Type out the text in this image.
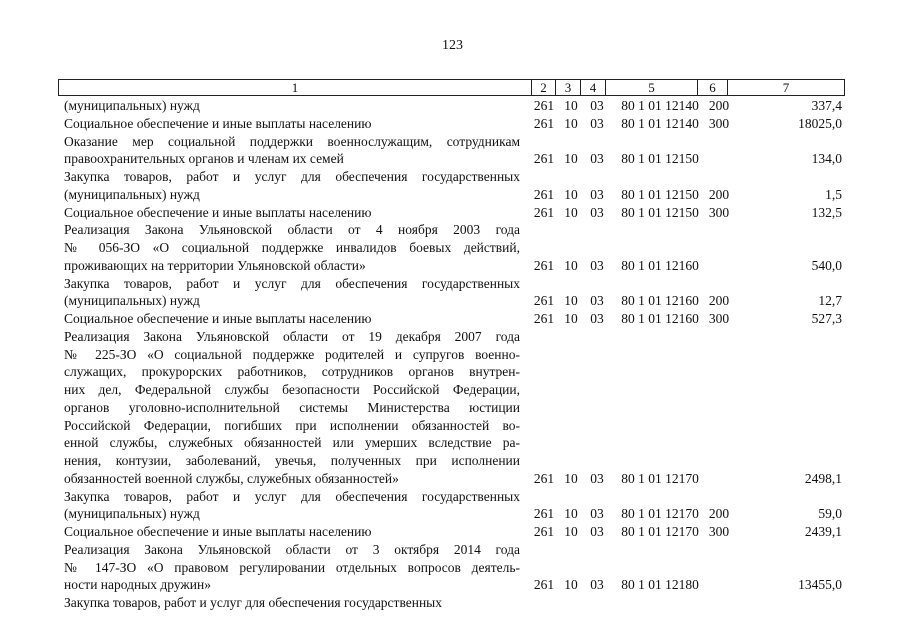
123
1	2	3	4	5	6	7
(муниципальных) нужд	261 10 03	80 1 01 12140 200	337,4
Социальное обеспечение и иные выплаты населению	261 10 03	80 1 01 12140 300	18025,0
Оказание мер социальной поддержки военнослужащим, сотрудникам
правоохранительных органов и членам их семей	261 10 03	80 1 01 12150	134,0
Закупка товаров, работ и услуг для обеспечения государственных
(муниципальных) нужд	261 10 03	80 1 01 12150 200	1,5
Социальное обеспечение и иные выплаты населению	261 10 03	80 1 01 12150 300	132,5
Реализация Закона Ульяновской области от 4 ноября 2003 года
№ 056-ЗО «О социальной поддержке инвалидов боевых действий,
проживающих на территории Ульяновской области»	261 10 03	80 1 01 12160	540,0
Закупка товаров, работ и услуг для обеспечения государственных
(муниципальных) нужд	261 10 03	80 1 01 12160 200	12,7
Социальное обеспечение и иные выплаты населению	261 10 03	80 1 01 12160 300	527,3
Реализация Закона Ульяновской области от 19 декабря 2007 года
№ 225-ЗО «О социальной поддержке родителей и супругов военно-
служащих, прокурорских работников, сотрудников органов внутрен-
них дел, Федеральной службы безопасности Российской Федерации,
органов уголовно-исполнительной системы Министерства юстиции
Российской Федерации, погибших при исполнении обязанностей во-
енной службы, служебных обязанностей или умерших вследствие ра-
нения, контузии, заболеваний, увечья, полученных при исполнении
обязанностей военной службы, служебных обязанностей»	261 10 03	80 1 01 12170	2498,1
Закупка товаров, работ и услуг для обеспечения государственных
(муниципальных) нужд	261 10 03	80 1 01 12170 200	59,0
Социальное обеспечение и иные выплаты населению	261 10 03	80 1 01 12170 300	2439,1
Реализация Закона Ульяновской области от 3 октября 2014 года
№ 147-ЗО «О правовом регулировании отдельных вопросов деятель-
ности народных дружин»	261 10 03	80 1 01 12180	13455,0
Закупка товаров, работ и услуг для обеспечения государственных
